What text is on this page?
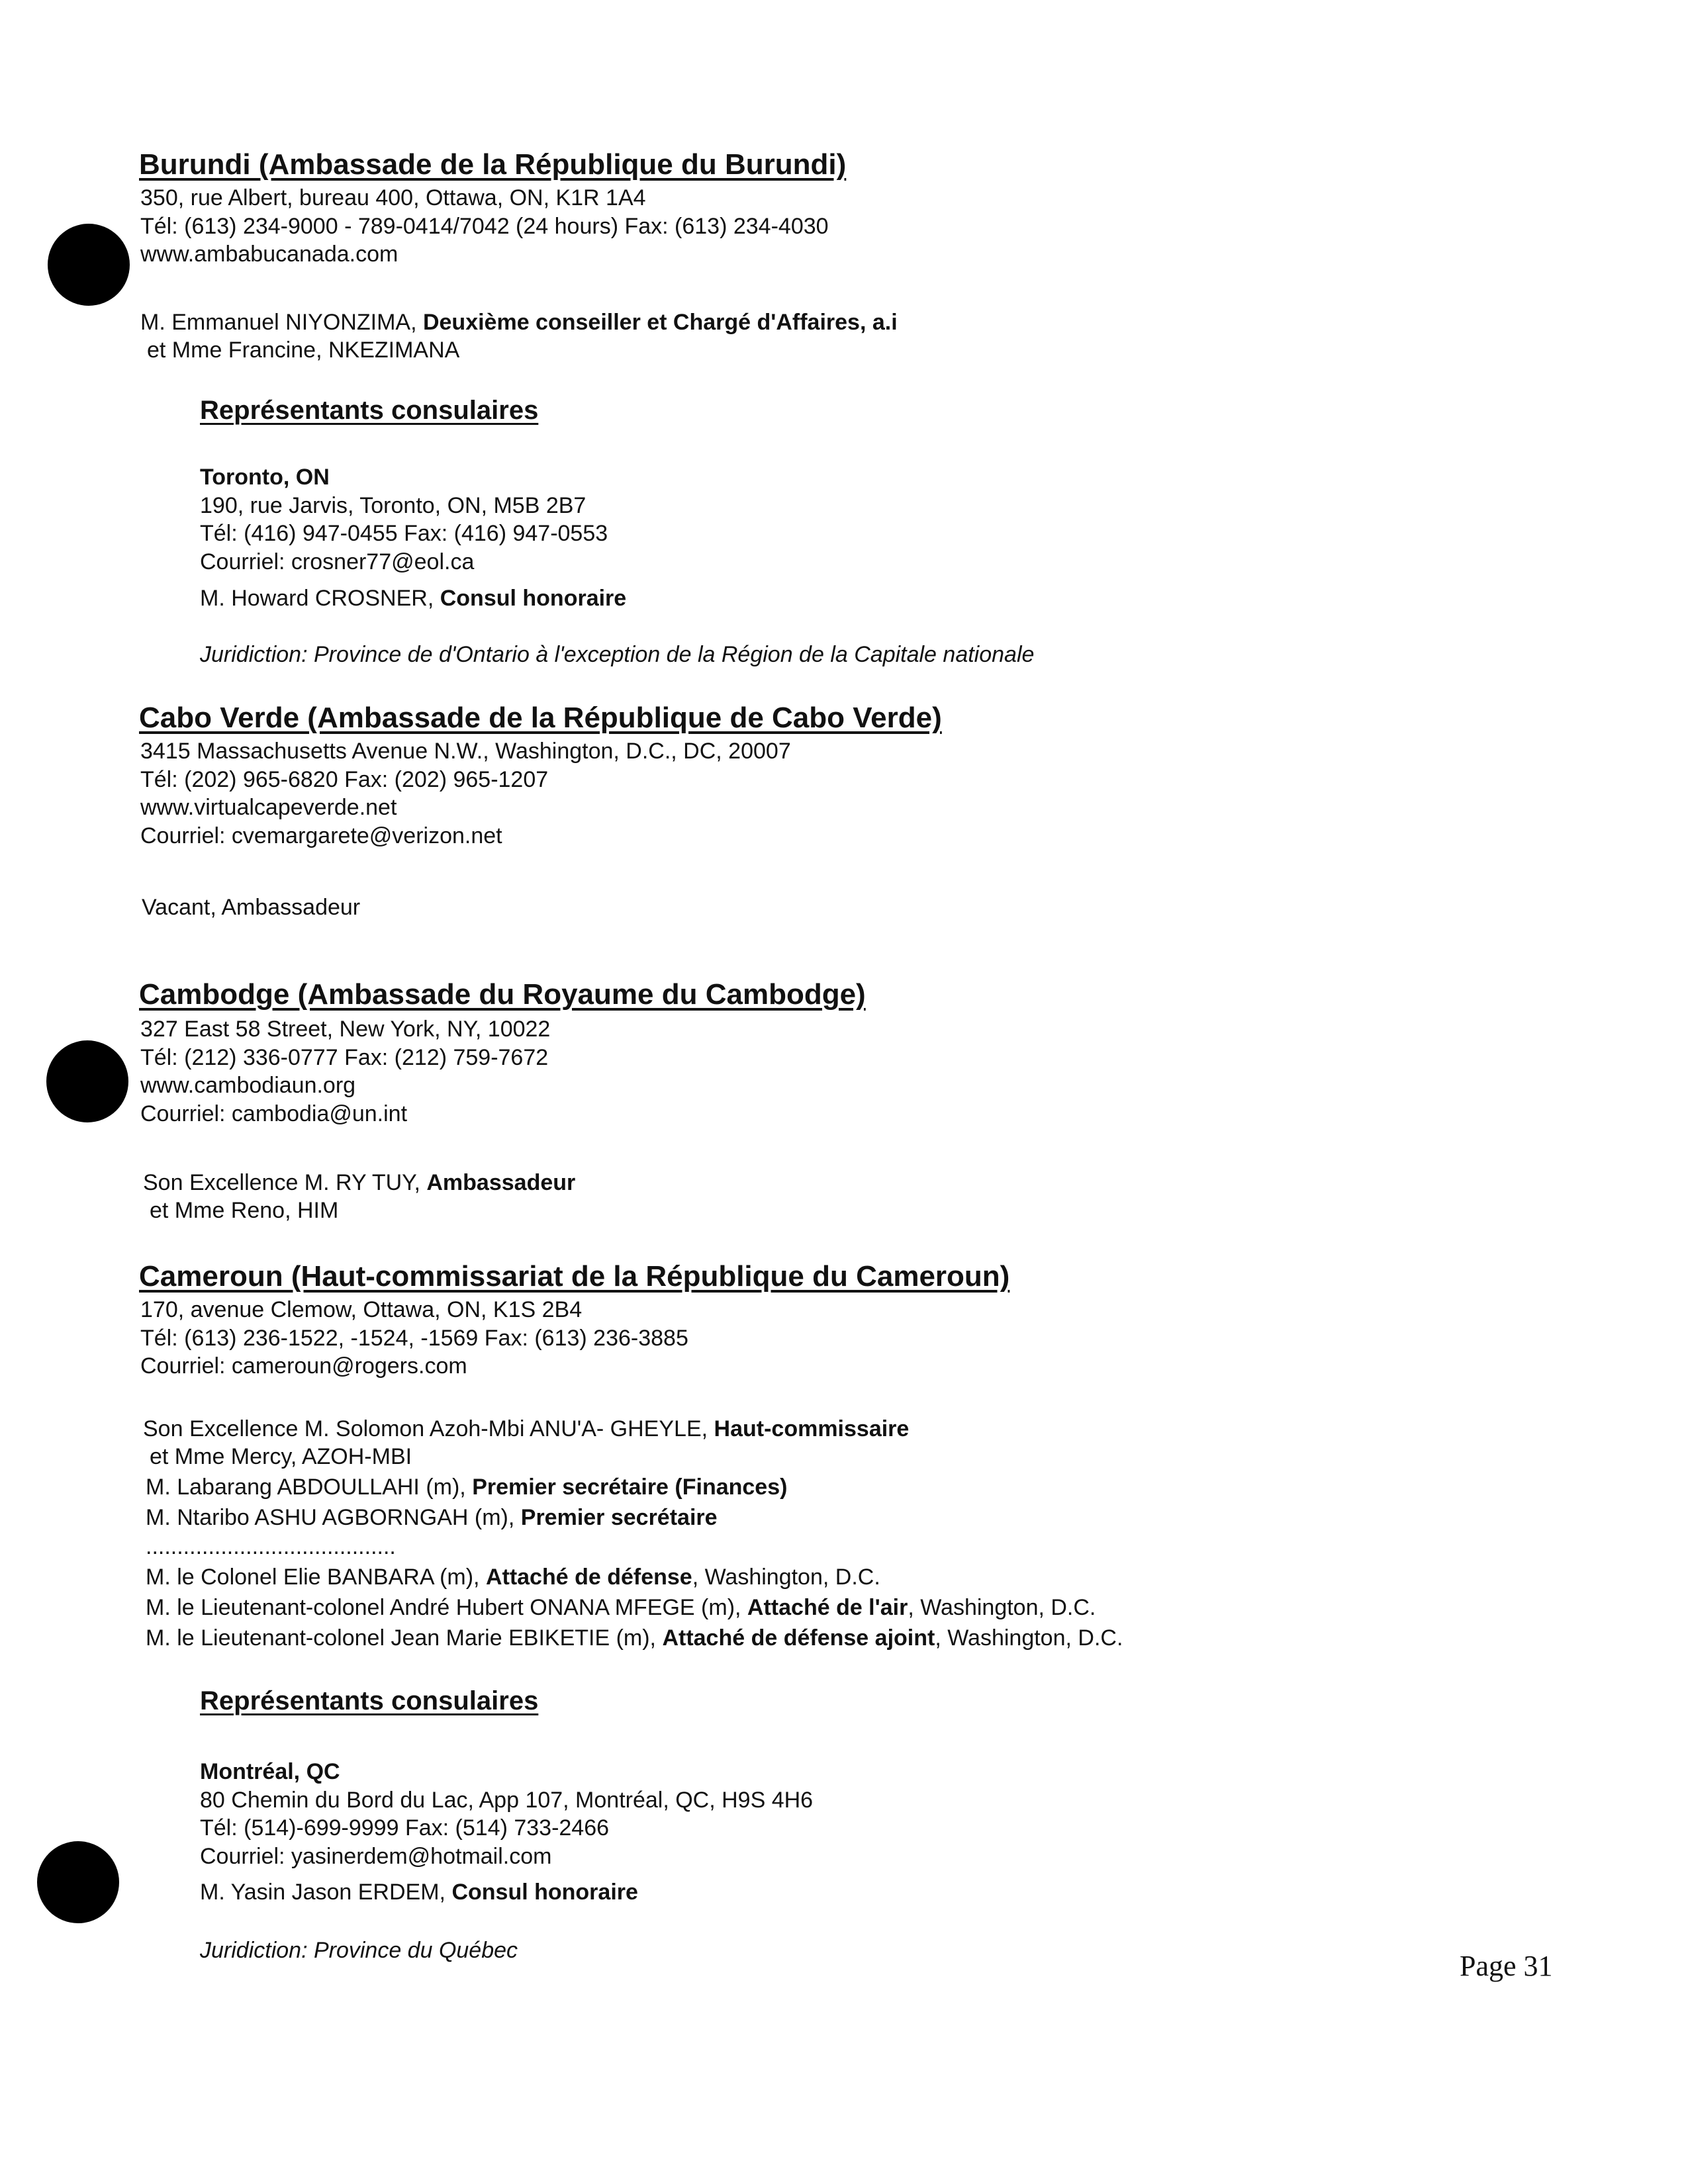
Burundi (Ambassade de la République du Burundi)
350, rue Albert, bureau 400, Ottawa, ON, K1R 1A4
Tél: (613) 234-9000 - 789-0414/7042 (24 hours) Fax: (613) 234-4030
www.ambabucanada.com
M. Emmanuel NIYONZIMA, Deuxième conseiller et Chargé d'Affaires, a.i
et Mme Francine, NKEZIMANA
Représentants consulaires
Toronto, ON
190, rue Jarvis, Toronto, ON, M5B 2B7
Tél: (416) 947-0455 Fax: (416) 947-0553
Courriel: crosner77@eol.ca
M. Howard CROSNER, Consul honoraire
Juridiction: Province de d'Ontario à l'exception de la Région de la Capitale nationale
Cabo Verde (Ambassade de la République de Cabo Verde)
3415 Massachusetts Avenue N.W., Washington, D.C., DC, 20007
Tél: (202) 965-6820 Fax: (202) 965-1207
www.virtualcapeverde.net
Courriel: cvemargarete@verizon.net
Vacant, Ambassadeur
Cambodge (Ambassade du Royaume du Cambodge)
327 East 58 Street, New York, NY, 10022
Tél: (212) 336-0777 Fax: (212) 759-7672
www.cambodiaun.org
Courriel: cambodia@un.int
Son Excellence M. RY TUY, Ambassadeur
et Mme Reno, HIM
Cameroun (Haut-commissariat de la République du Cameroun)
170, avenue Clemow, Ottawa, ON, K1S 2B4
Tél: (613) 236-1522, -1524, -1569 Fax: (613) 236-3885
Courriel: cameroun@rogers.com
Son Excellence M. Solomon Azoh-Mbi ANU'A- GHEYLE, Haut-commissaire
et Mme Mercy, AZOH-MBI
M. Labarang ABDOULLAHI (m), Premier secrétaire (Finances)
M. Ntaribo ASHU AGBORNGAH (m), Premier secrétaire
........................................
M. le Colonel Elie BANBARA (m), Attaché de défense, Washington, D.C.
M. le Lieutenant-colonel André Hubert ONANA MFEGE (m), Attaché de l'air, Washington, D.C.
M. le Lieutenant-colonel Jean Marie EBIKETIE (m), Attaché de défense ajoint, Washington, D.C.
Représentants consulaires
Montréal, QC
80 Chemin du Bord du Lac, App 107, Montréal, QC, H9S 4H6
Tél: (514)-699-9999 Fax: (514) 733-2466
Courriel: yasinerdem@hotmail.com
M. Yasin Jason ERDEM, Consul honoraire
Juridiction: Province du Québec	Page 31
